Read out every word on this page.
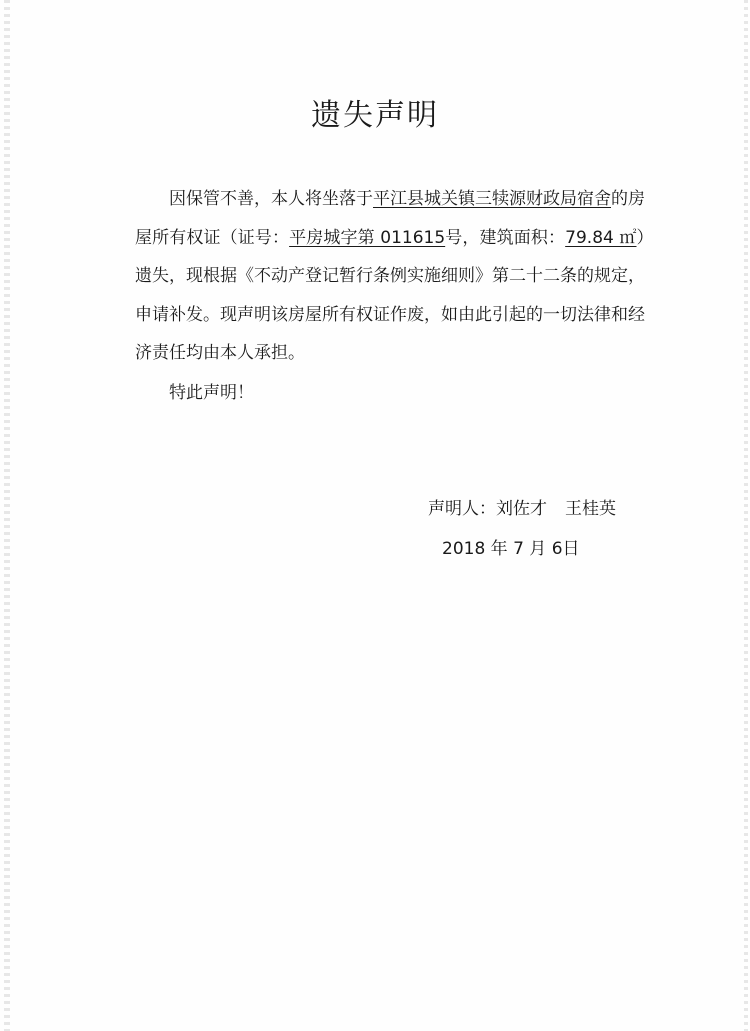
遗失声明

因保管不善，本人将坐落于平江县城关镇三犊源财政局宿舍的房屋所有权证（证号：平房城字第 011615号，建筑面积：79.84 ㎡）遗失，现根据《不动产登记暂行条例实施细则》第二十二条的规定，申请补发。现声明该房屋所有权证作废，如由此引起的一切法律和经济责任均由本人承担。

特此声明！
声明人：刘佐才 王桂英
2018 年 7 月 6日
